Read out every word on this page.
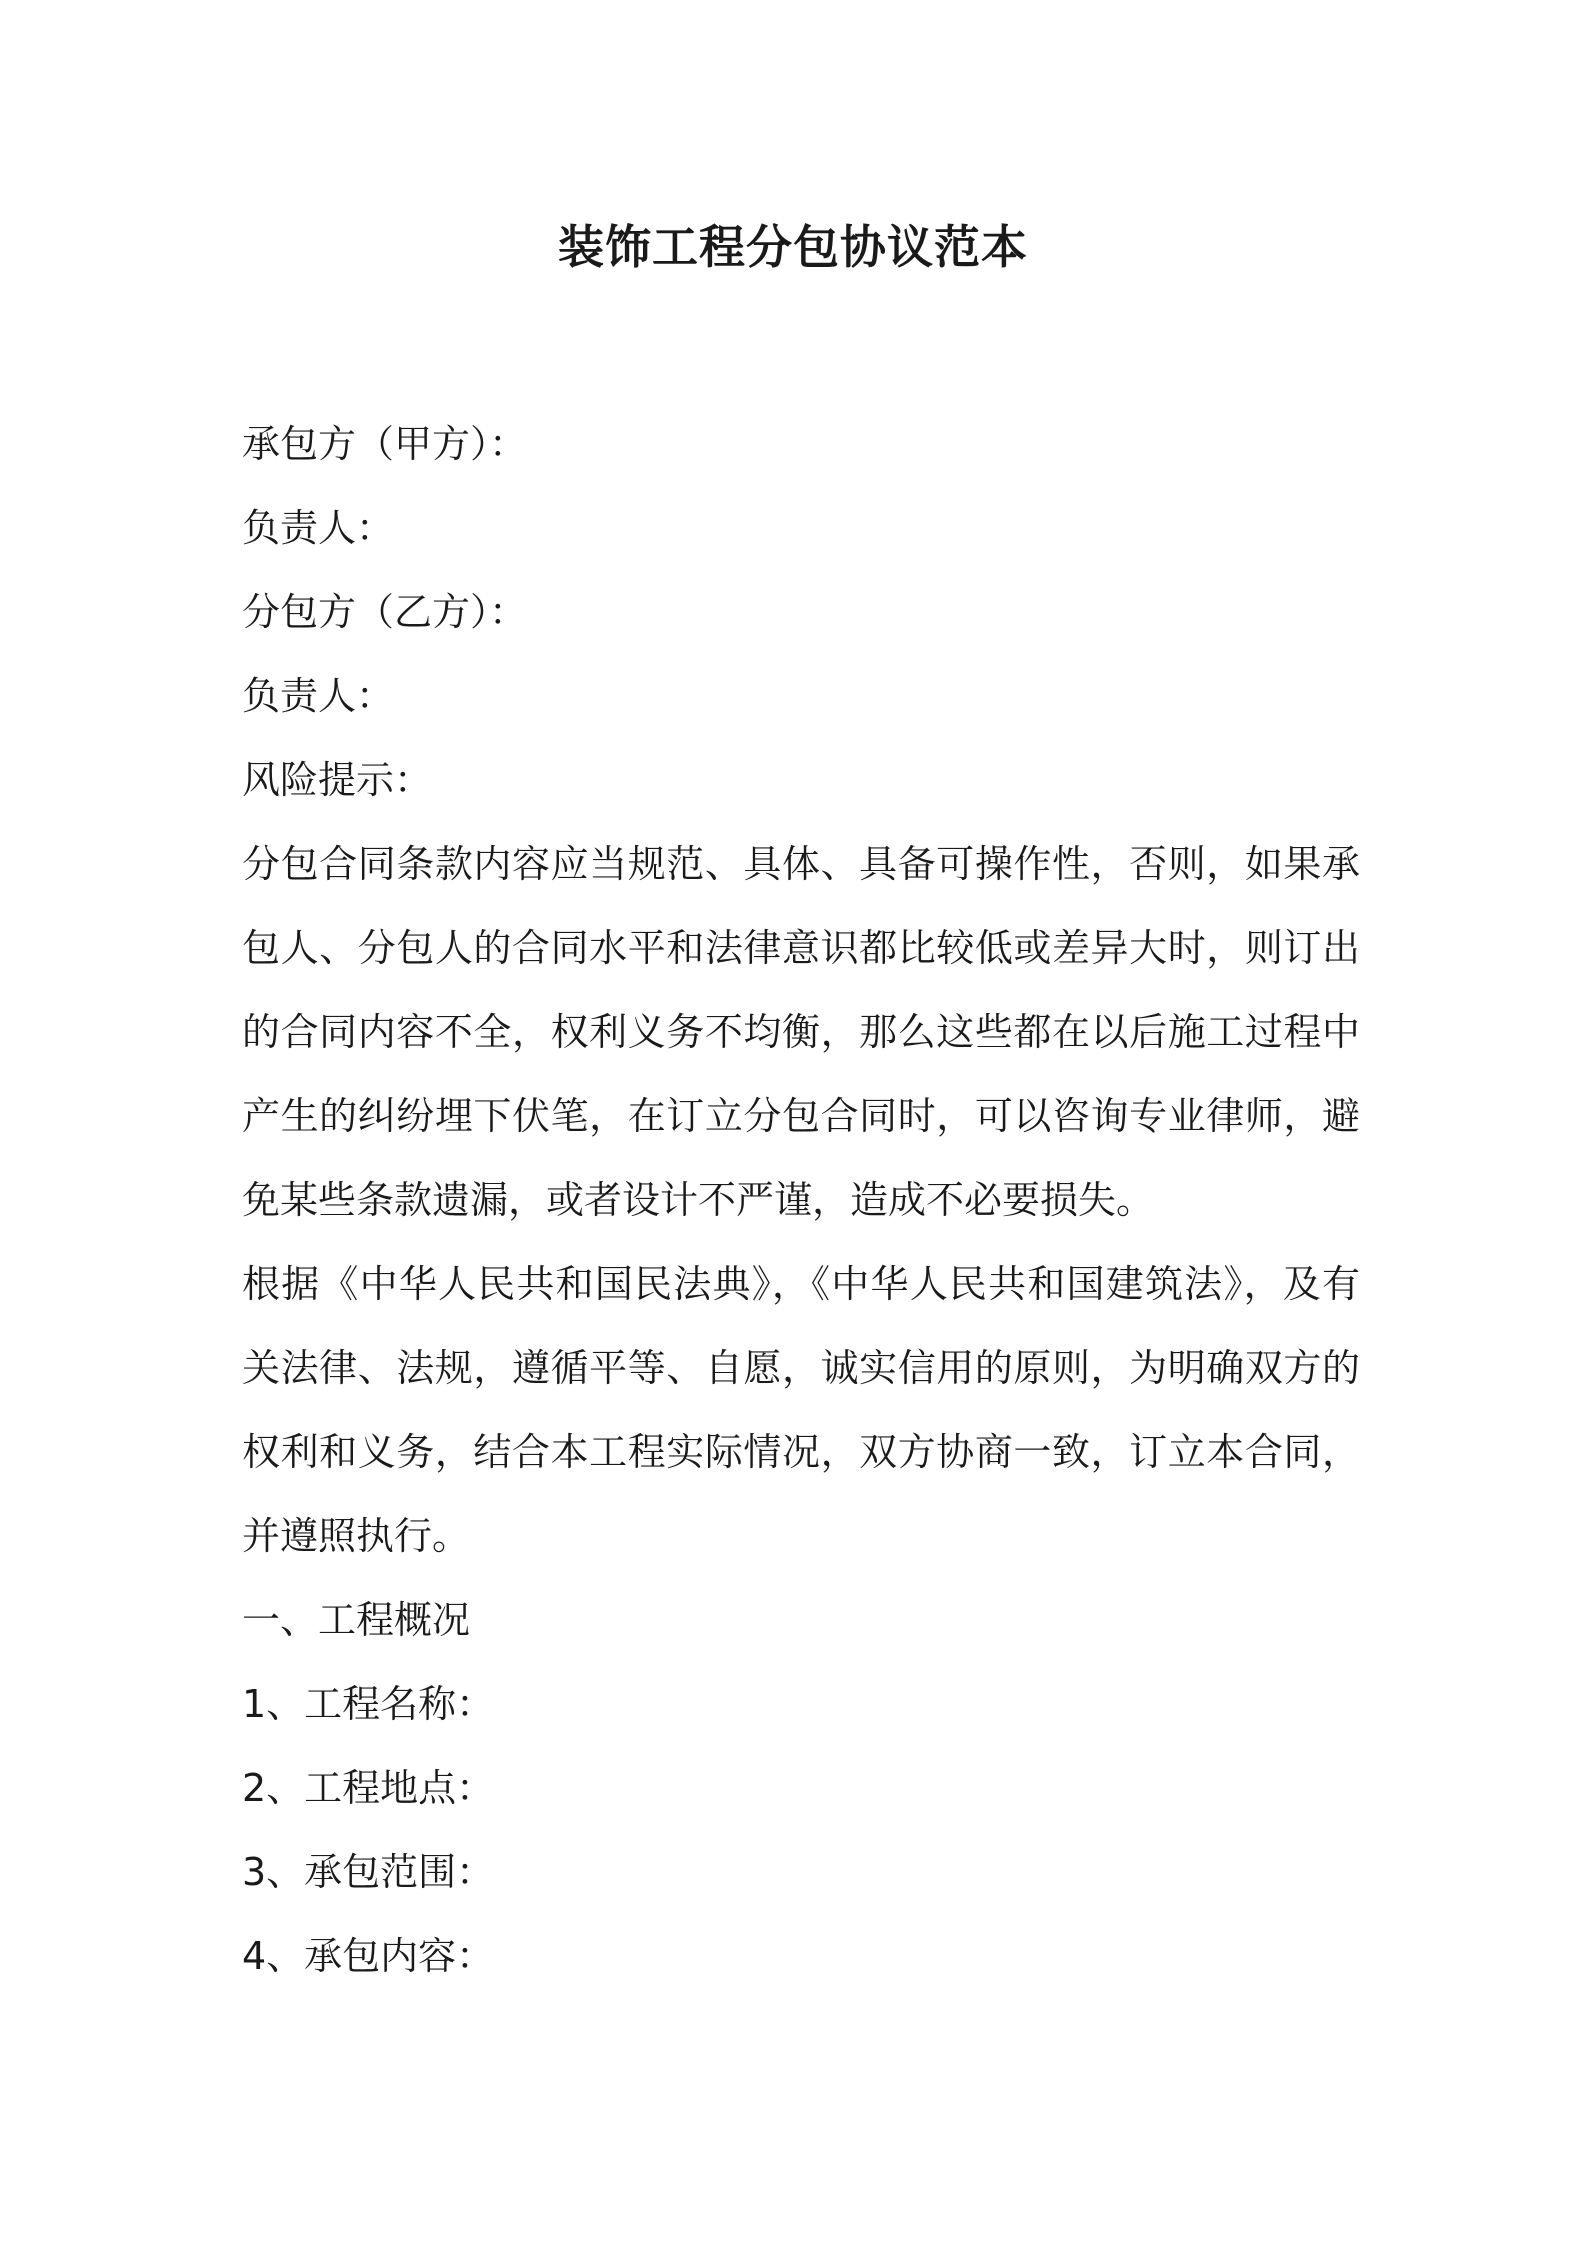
装饰工程分包协议范本

承包方（甲方）：

负责人：

分包方（乙方）：

负责人：

风险提示：

分包合同条款内容应当规范、具体、具备可操作性，否则，如果承包人、分包人的合同水平和法律意识都比较低或差异大时，则订出的合同内容不全，权利义务不均衡，那么这些都在以后施工过程中产生的纠纷埋下伏笔，在订立分包合同时，可以咨询专业律师，避免某些条款遗漏，或者设计不严谨，造成不必要损失。

根据《中华人民共和国民法典》，《中华人民共和国建筑法》，及有关法律、法规，遵循平等、自愿，诚实信用的原则，为明确双方的权利和义务，结合本工程实际情况，双方协商一致，订立本合同，并遵照执行。

一、工程概况

1、工程名称：

2、工程地点：

3、承包范围：

4、承包内容：
